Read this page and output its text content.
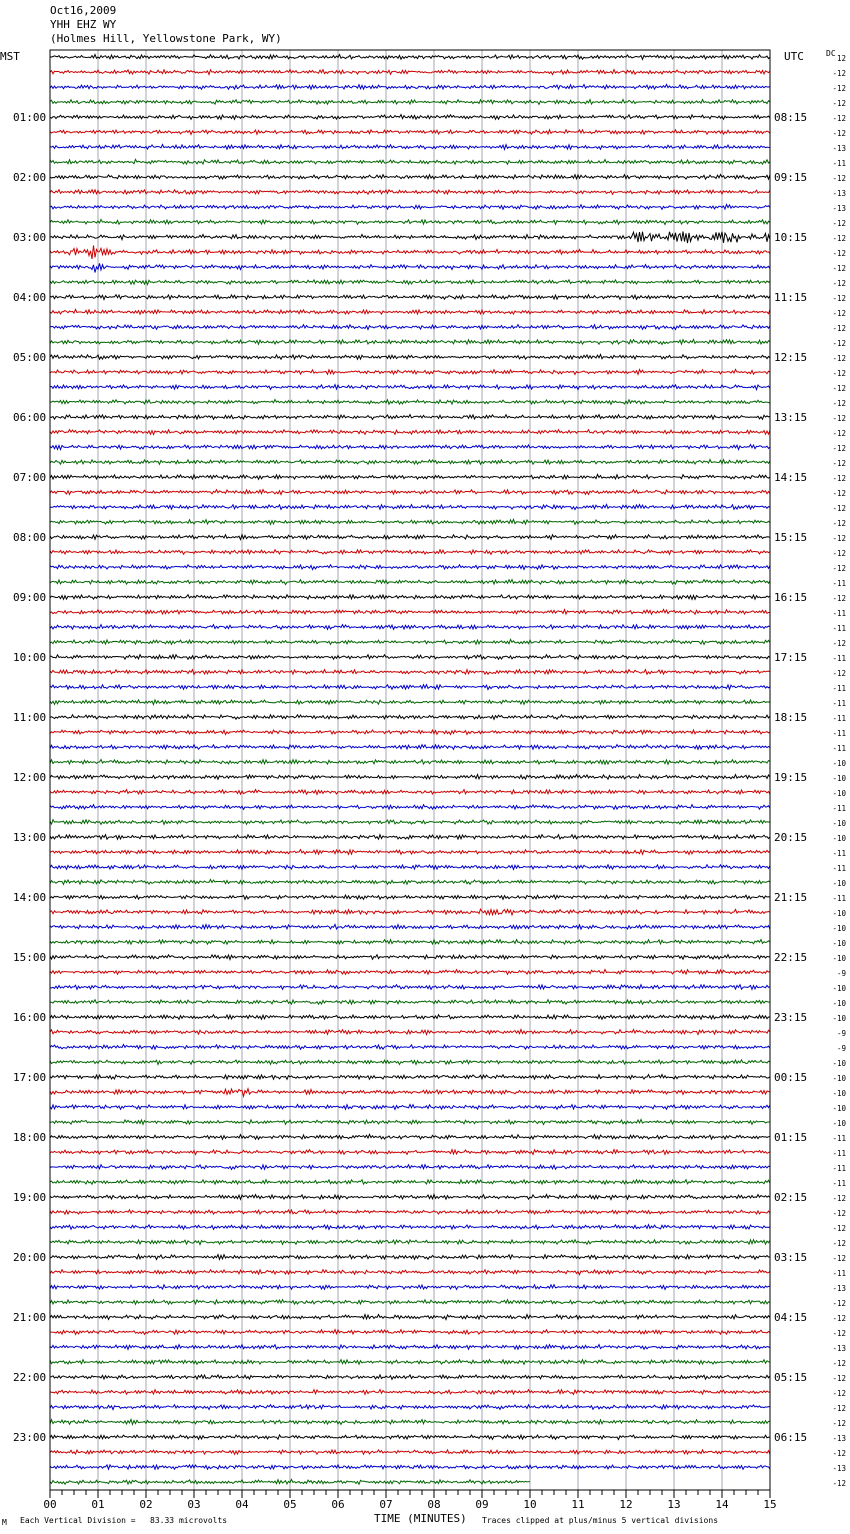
Oct16,2009
YHH EHZ WY
(Holmes Hill, Yellowstone Park, WY)
MST	UTC	DC
01:00	08:15
02:00	09:15
03:00	10:15
04:00	11:15
05:00	12:15
06:00	13:15
07:00	14:15
08:00	15:15
09:00	16:15
10:00	17:15
11:00	18:15
12:00	19:15
13:00	20:15
14:00	21:15
15:00	22:15
16:00	23:15
17:00	00:15
18:00	01:15
19:00	02:15
20:00	03:15
21:00	04:15
22:00	05:15
23:00	06:15
12
-12
-12
-12
-12
-12
-13
-11
-12
-13
-13
-12
-12
-12
-12
-12
-12
-12
-12
-12
-12
-12
-12
-12
-12
-12
-12
-12
-12
-12
-12
-12
-12
-12
-12
-11
-12
-11
-11
-12
-11
-12
-11
-11
-11
-11
-11
-10
-10
-10
-11
-10
-10
-11
-11
-10
-11
-10
-10
-10
-10
-9
-10
-10
-10
-9
-9
-10
-10
-10
-10
-10
-11
-11
-11
-11
-12
-12
-12
-12
-12
-11
-13
-12
-12
-12
-13
-12
-12
-12
-12
-12
-13
-12
-13
-12
00	01	02	03	04	05	06	07	08	09	10	11	12	13	14	15
TIME (MINUTES)
Each Vertical Division =   83.33 microvolts	Traces clipped at plus/minus 5 vertical divisions
M
